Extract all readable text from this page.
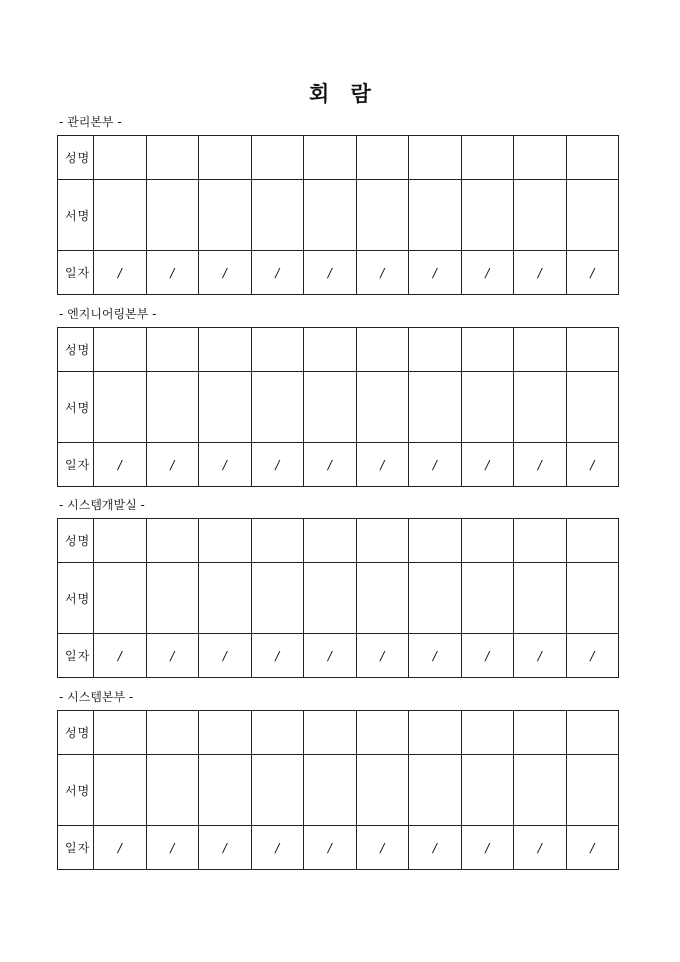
회 람
- 관리본부 -
성명										
서명										
일자	/	/	/	/	/	/	/	/	/	/
- 엔지니어링본부 -
성명										
서명										
일자	/	/	/	/	/	/	/	/	/	/
- 시스템개발실 -
성명										
서명										
일자	/	/	/	/	/	/	/	/	/	/
- 시스템본부 -
성명										
서명										
일자	/	/	/	/	/	/	/	/	/	/
